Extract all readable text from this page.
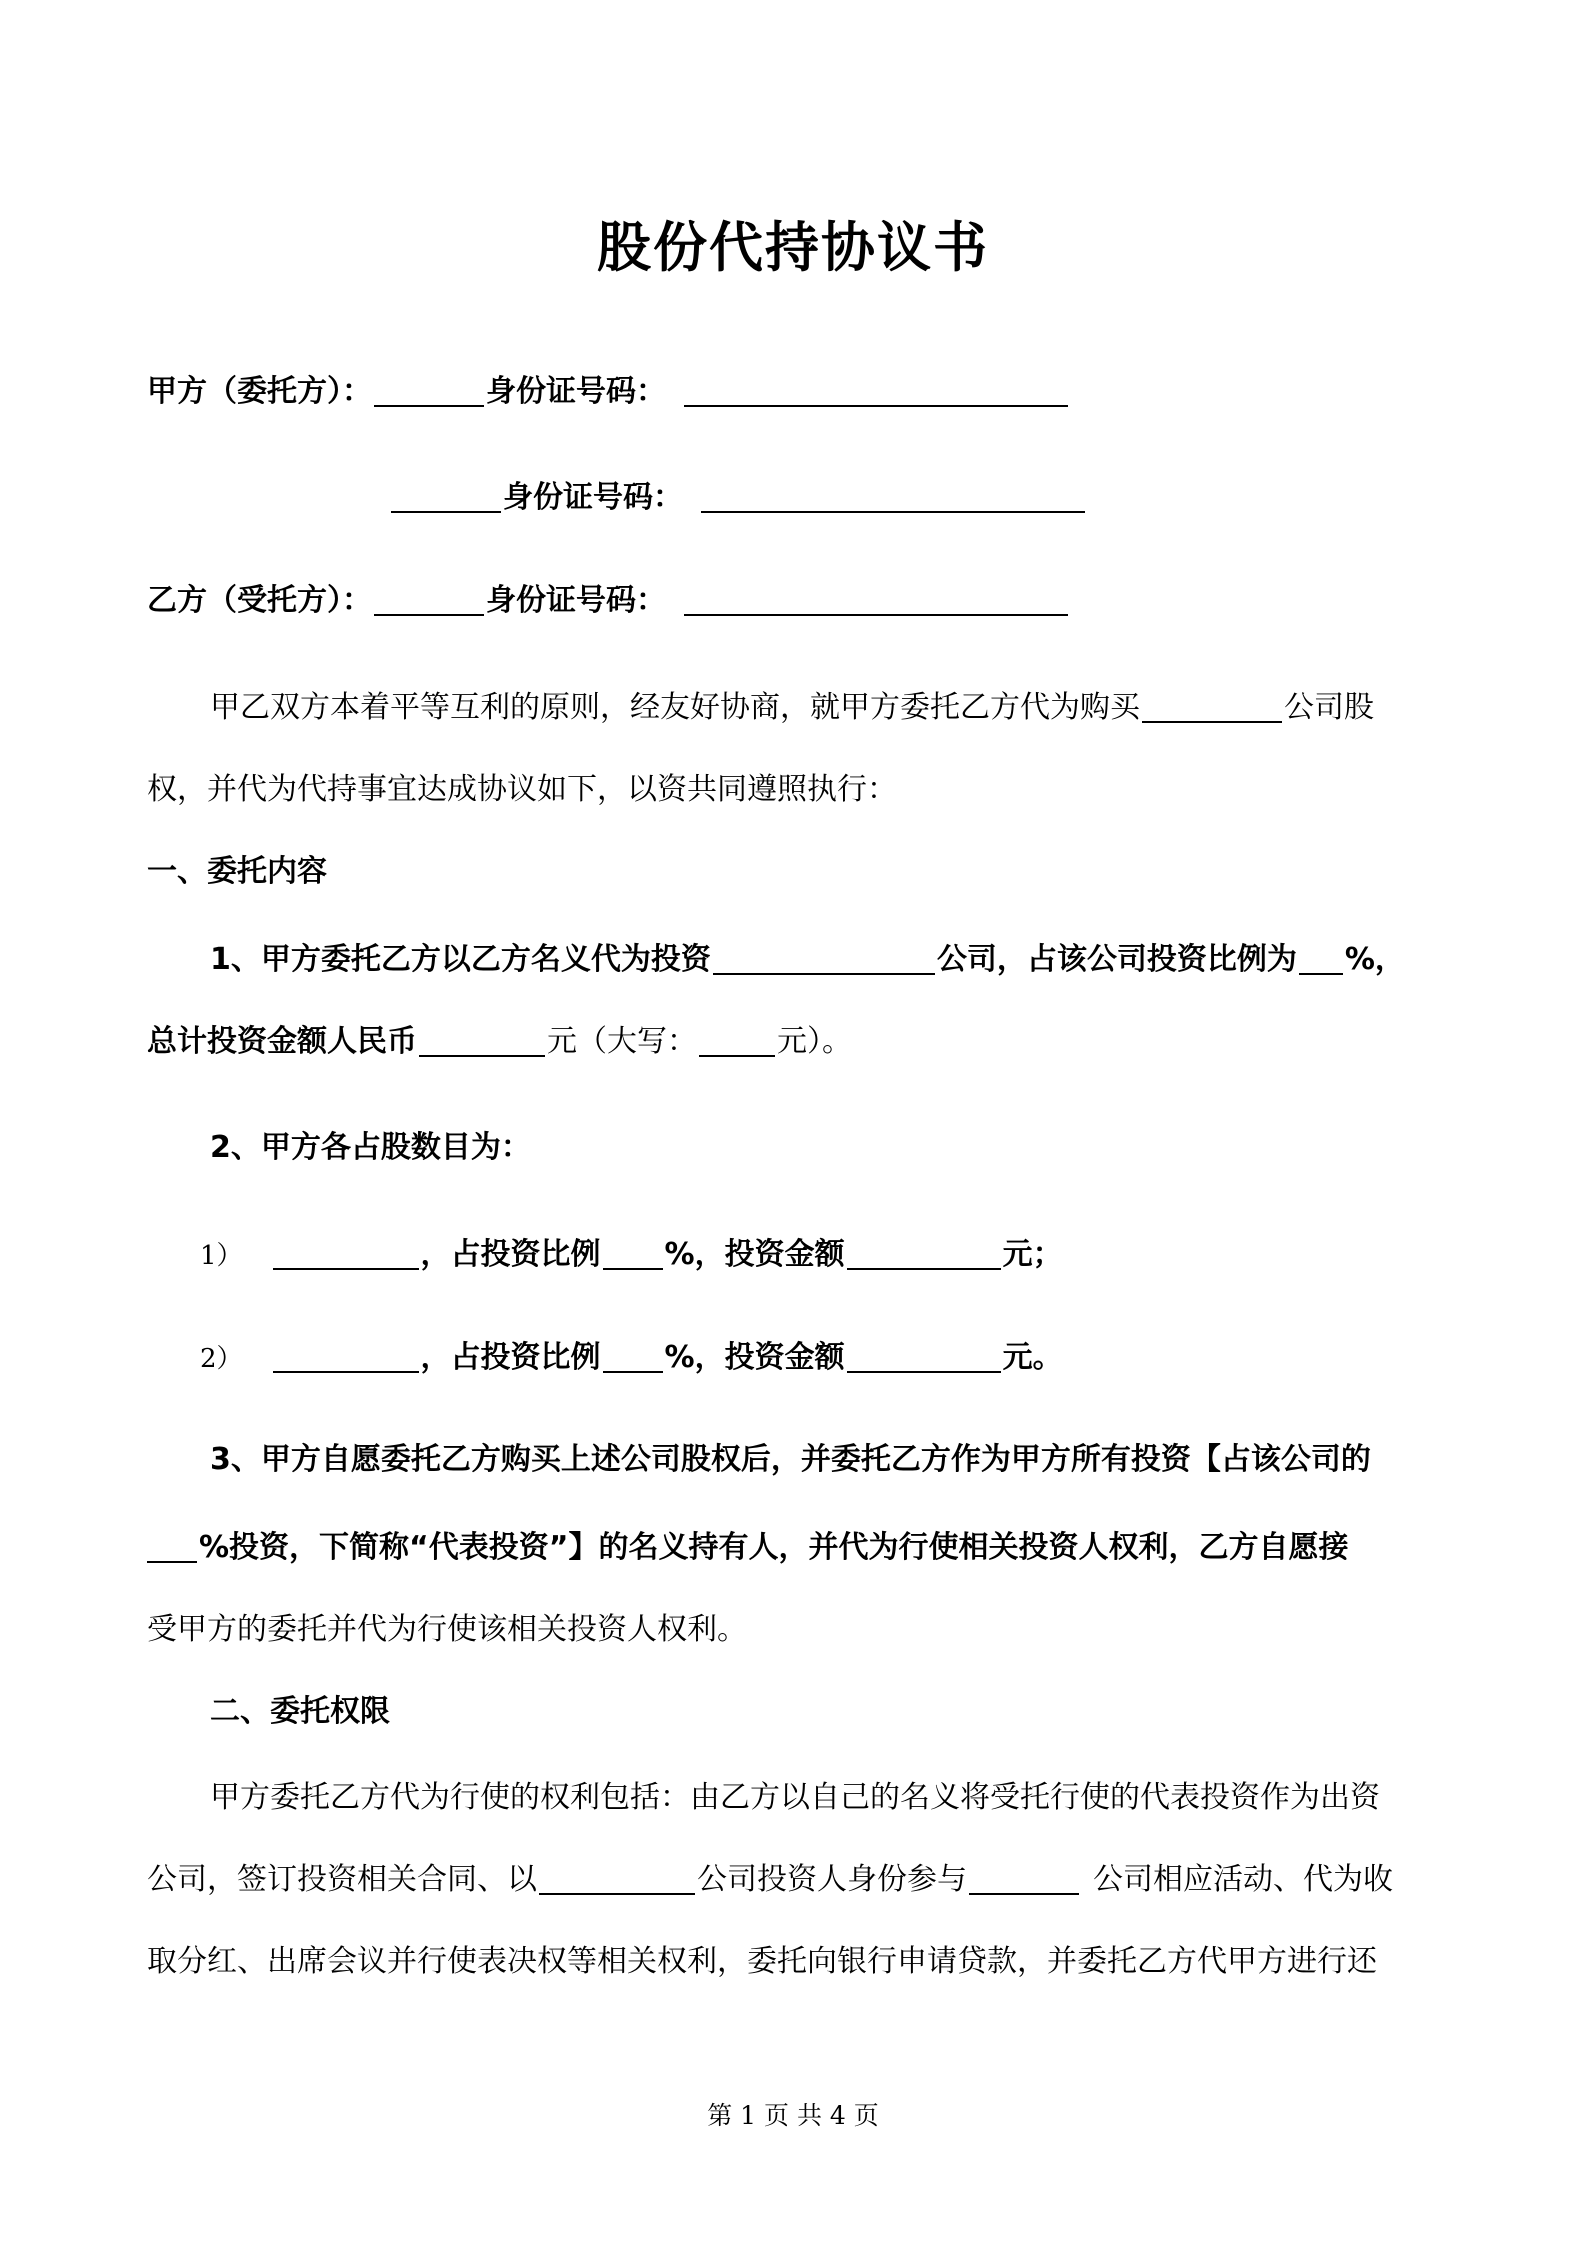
股份代持协议书
甲方（委托方）：	身份证号码：
身份证号码：
乙方（受托方）：	身份证号码：
甲乙双方本着平等互利的原则，经友好协商，就甲方委托乙方代为购买	公司股
权，并代为代持事宜达成协议如下，以资共同遵照执行：
一、委托内容
1、甲方委托乙方以乙方名义代为投资	公司，占该公司投资比例为 %，
总计投资金额人民币	元（大写：	元）。
2、甲方各占股数目为：
1）	，占投资比例 %，投资金额	元；
2）	，占投资比例 %，投资金额	元。
3、甲方自愿委托乙方购买上述公司股权后，并委托乙方作为甲方所有投资【占该公司的
%投资，下简称“代表投资”】的名义持有人，并代为行使相关投资人权利，乙方自愿接
受甲方的委托并代为行使该相关投资人权利。
二、委托权限
甲方委托乙方代为行使的权利包括：由乙方以自己的名义将受托行使的代表投资作为出资
公司，签订投资相关合同、以	公司投资人身份参与	公司相应活动、代为收
取分红、出席会议并行使表决权等相关权利，委托向银行申请贷款，并委托乙方代甲方进行还
第 1 页 共 4 页
